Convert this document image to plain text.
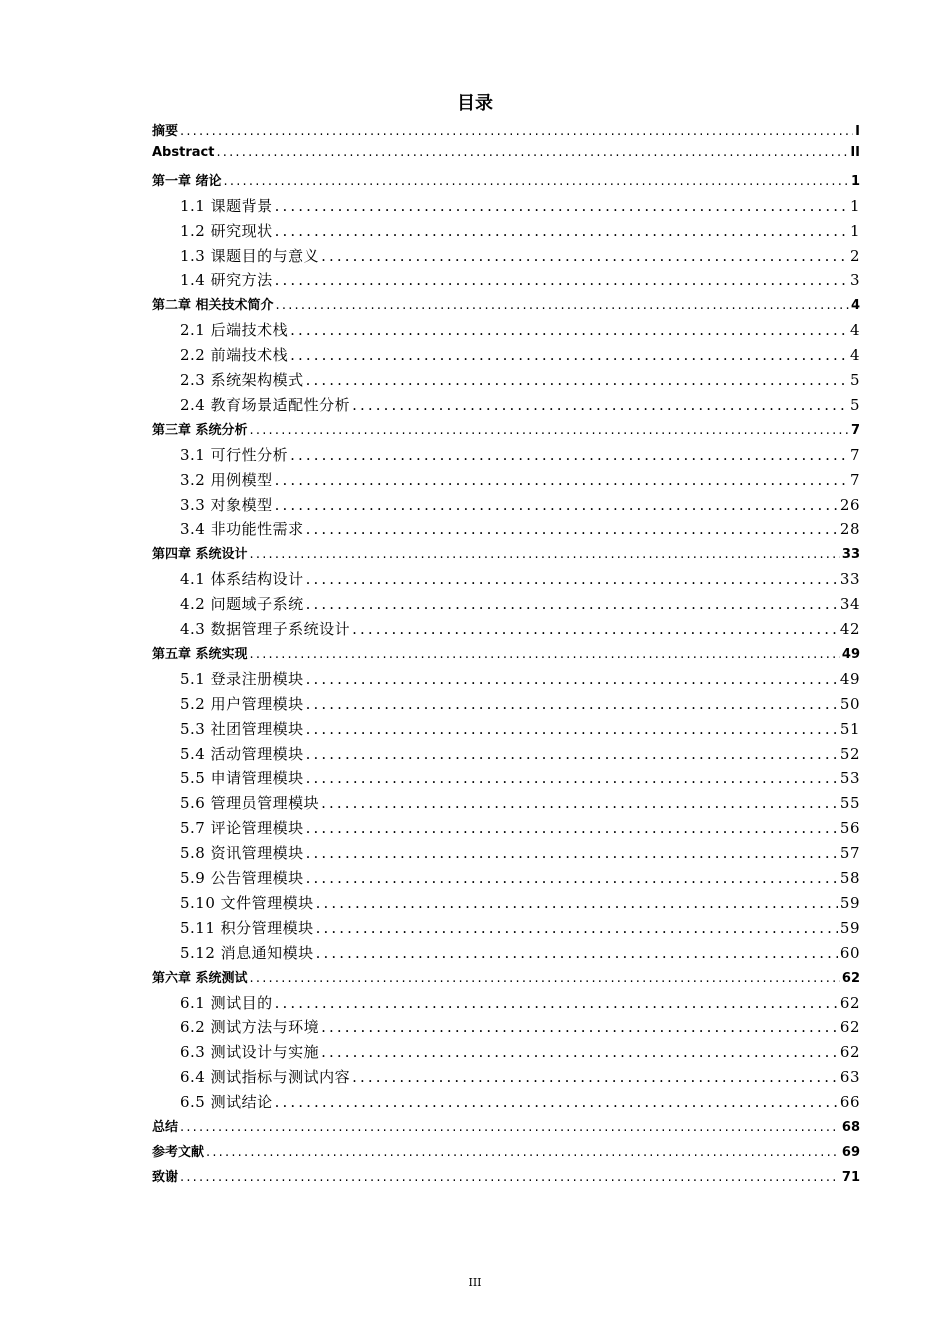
目录
摘要 .....	I
Abstract .....	II
第一章 绪论 .....	1
1.1 课题背景 .....	1
1.2 研究现状 .....	1
1.3 课题目的与意义 .....	2
1.4 研究方法 .....	3
第二章 相关技术简介 .....	4
2.1 后端技术栈 .....	4
2.2 前端技术栈 .....	4
2.3 系统架构模式 .....	5
2.4 教育场景适配性分析 .....	5
第三章 系统分析 .....	7
3.1 可行性分析 .....	7
3.2 用例模型 .....	7
3.3 对象模型 .....	26
3.4 非功能性需求 .....	28
第四章 系统设计 .....	33
4.1 体系结构设计 .....	33
4.2 问题域子系统 .....	34
4.3 数据管理子系统设计 .....	42
第五章 系统实现 .....	49
5.1 登录注册模块 .....	49
5.2 用户管理模块 .....	50
5.3 社团管理模块 .....	51
5.4 活动管理模块 .....	52
5.5 申请管理模块 .....	53
5.6 管理员管理模块 .....	55
5.7 评论管理模块 .....	56
5.8 资讯管理模块 .....	57
5.9 公告管理模块 .....	58
5.10 文件管理模块 .....	59
5.11 积分管理模块 .....	59
5.12 消息通知模块 .....	60
第六章 系统测试 .....	62
6.1 测试目的 .....	62
6.2 测试方法与环境 .....	62
6.3 测试设计与实施 .....	62
6.4 测试指标与测试内容 .....	63
6.5 测试结论 .....	66
总结 .....	68
参考文献 .....	69
致谢 .....	71
III
